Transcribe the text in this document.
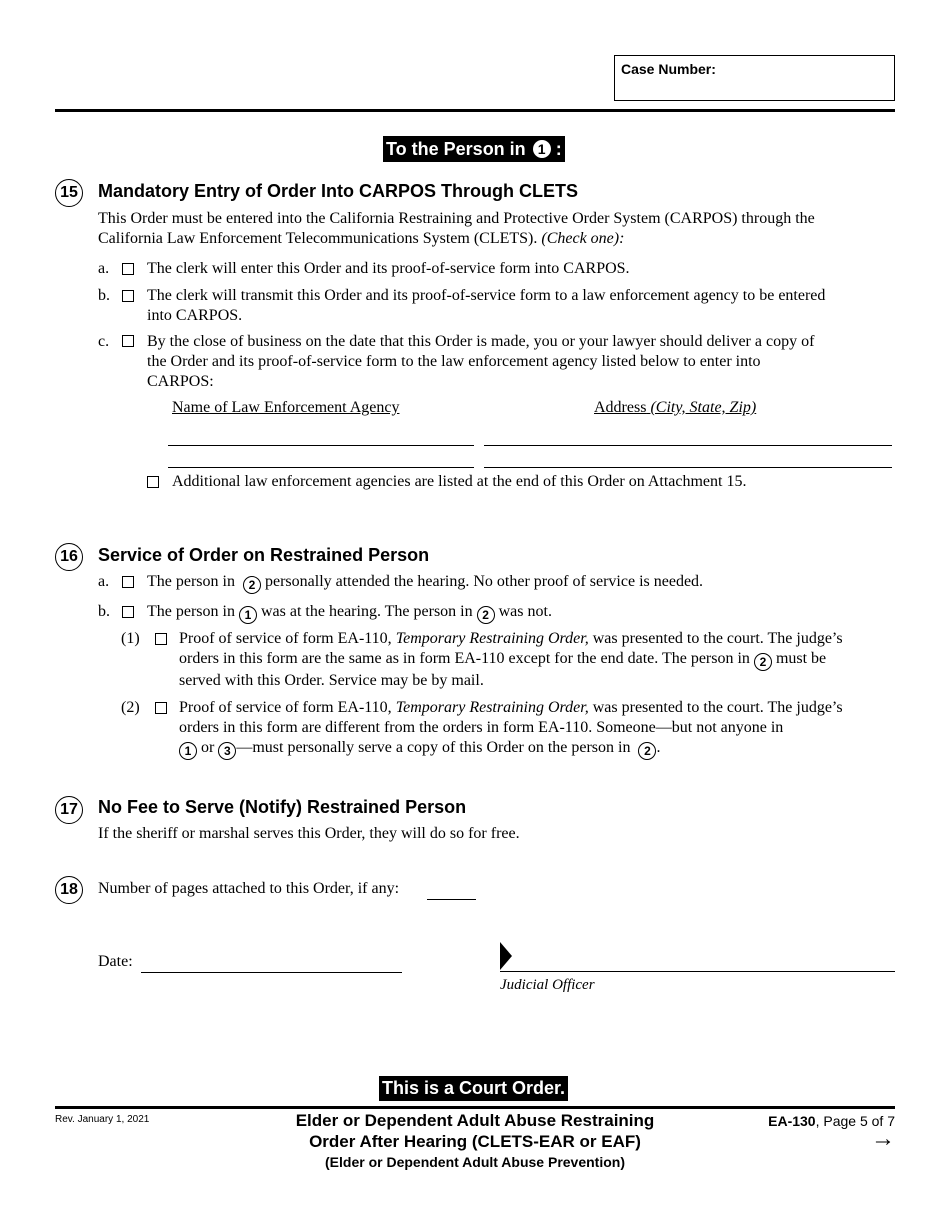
Case Number:
To the Person in 1 :
15 Mandatory Entry of Order Into CARPOS Through CLETS
This Order must be entered into the California Restraining and Protective Order System (CARPOS) through the
California Law Enforcement Telecommunications System (CLETS). (Check one):
a. The clerk will enter this Order and its proof-of-service form into CARPOS.
b. The clerk will transmit this Order and its proof-of-service form to a law enforcement agency to be entered
into CARPOS.
c. By the close of business on the date that this Order is made, you or your lawyer should deliver a copy of
the Order and its proof-of-service form to the law enforcement agency listed below to enter into
CARPOS:
Name of Law Enforcement Agency	Address (City, State, Zip)
Additional law enforcement agencies are listed at the end of this Order on Attachment 15.
16 Service of Order on Restrained Person
a. The person in 2 personally attended the hearing. No other proof of service is needed.
b. The person in 1 was at the hearing. The person in 2 was not.
(1) Proof of service of form EA-110, Temporary Restraining Order, was presented to the court. The judge’s
orders in this form are the same as in form EA-110 except for the end date. The person in 2 must be
served with this Order. Service may be by mail.
(2) Proof of service of form EA-110, Temporary Restraining Order, was presented to the court. The judge’s
orders in this form are different from the orders in form EA-110. Someone—but not anyone in
1 or 3 —must personally serve a copy of this Order on the person in 2 .
17 No Fee to Serve (Notify) Restrained Person
If the sheriff or marshal serves this Order, they will do so for free.
18	Number of pages attached to this Order, if any:
Date:
Judicial Officer
This is a Court Order.
Rev. January 1, 2021	Elder or Dependent Adult Abuse Restraining
Order After Hearing (CLETS-EAR or EAF)
(Elder or Dependent Adult Abuse Prevention)
EA-130, Page 5 of 7
→
